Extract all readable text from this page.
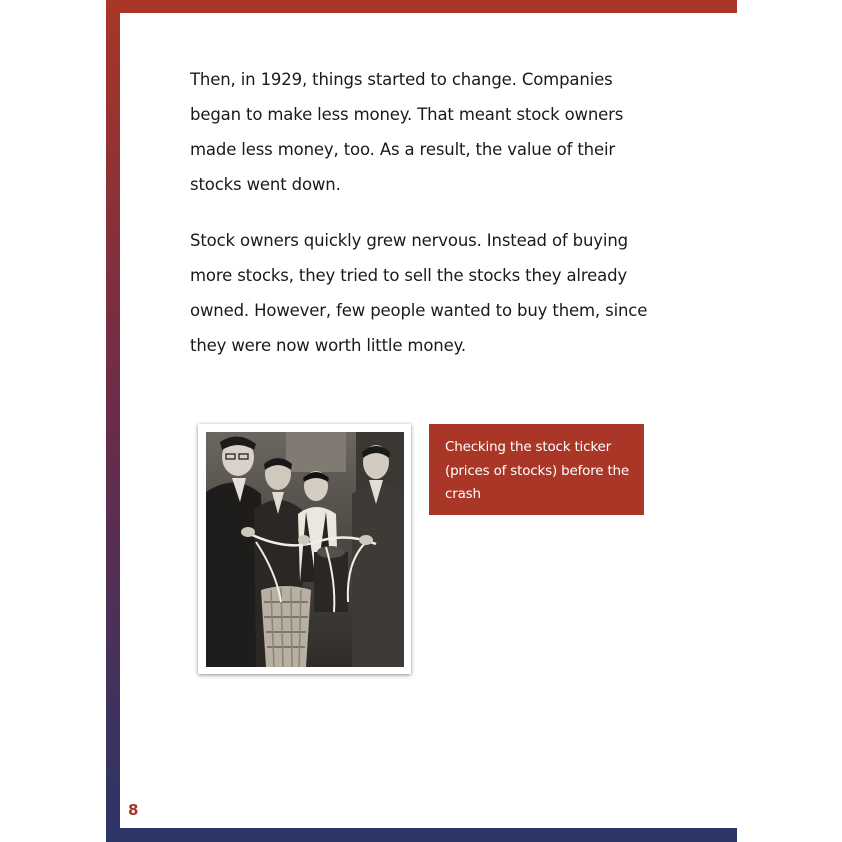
Then, in 1929, things started to change. Companies began to make less money. That meant stock owners made less money, too. As a result, the value of their stocks went down.

Stock owners quickly grew nervous. Instead of buying more stocks, they tried to sell the stocks they already owned. However, few people wanted to buy them, since they were now worth little money.

Checking the stock ticker (prices of stocks) before the crash
8
